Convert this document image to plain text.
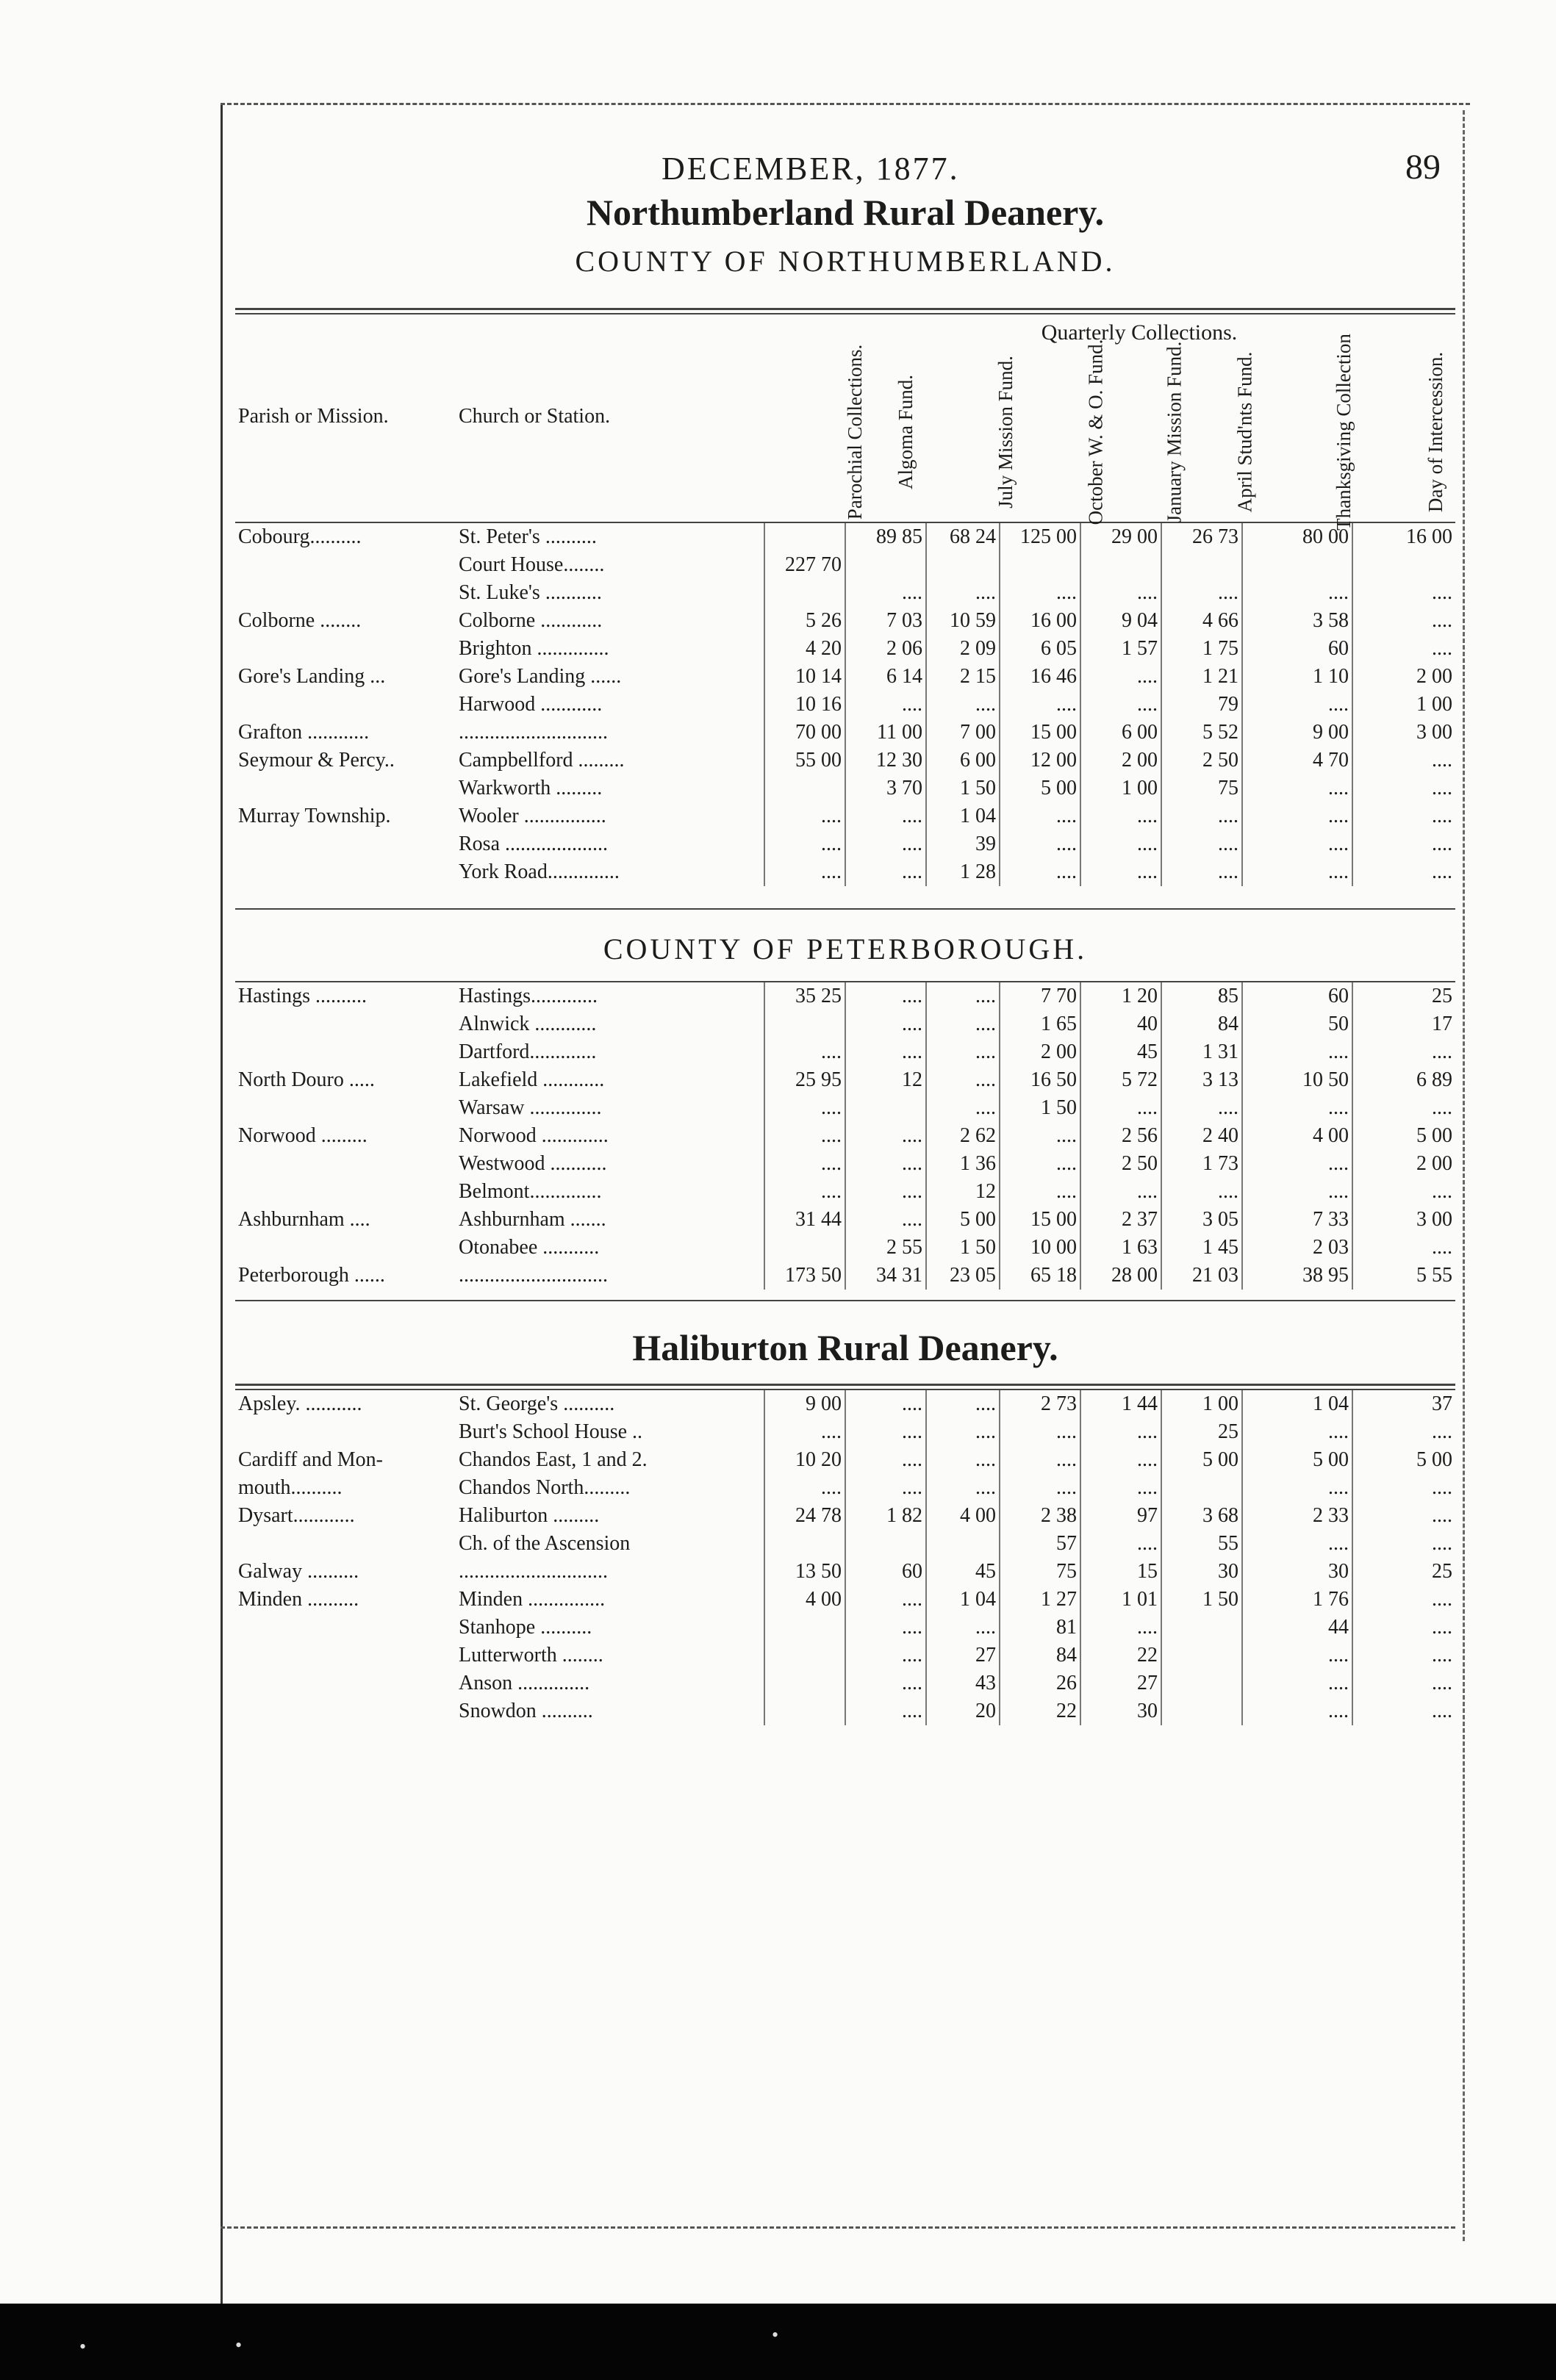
•	•	•
DECEMBER, 1877.	89
Northumberland Rural Deanery.
COUNTY OF NORTHUMBERLAND.
Parish or Mission.	Church or Station.			Quarterly Collections.					
		Parochial Collections.	Algoma Fund.	July Mission Fund.	October W. & O. Fund.	January Mission Fund.	April Stud'nts Fund.	Thanksgiving Collection	Day of Intercession.
Cobourg..........	St. Peter's ..........		89 85	68 24	125 00	29 00	26 73	80 00	16 00
	Court House........	227 70							
	St. Luke's ...........		....	....	....	....	....	....	....
Colborne ........	Colborne ............	5 26	7 03	10 59	16 00	9 04	4 66	3 58	....
	Brighton ..............	4 20	2 06	2 09	6 05	1 57	1 75	60	....
Gore's Landing ...	Gore's Landing ......	10 14	6 14	2 15	16 46	....	1 21	1 10	2 00
	Harwood ............	10 16	....	....	....	....	79	....	1 00
Grafton ............	.............................	70 00	11 00	7 00	15 00	6 00	5 52	9 00	3 00
Seymour & Percy..	Campbellford .........	55 00	12 30	6 00	12 00	2 00	2 50	4 70	....
	Warkworth .........		3 70	1 50	5 00	1 00	75	....	....
Murray Township.	Wooler ................	....	....	1 04	....	....	....	....	....
	Rosa ....................	....	....	39	....	....	....	....	....
	York Road..............	....	....	1 28	....	....	....	....	....
COUNTY OF PETERBOROUGH.
Hastings ..........	Hastings.............	35 25	....	....	7 70	1 20	85	60	25
	Alnwick ............		....	....	1 65	40	84	50	17
	Dartford.............	....	....	....	2 00	45	1 31	....	....
North Douro .....	Lakefield ............	25 95	12	....	16 50	5 72	3 13	10 50	6 89
	Warsaw ..............	....		....	1 50	....	....	....	....
Norwood .........	Norwood .............	....	....	2 62	....	2 56	2 40	4 00	5 00
	Westwood ...........	....	....	1 36	....	2 50	1 73	....	2 00
	Belmont..............	....	....	12	....	....	....	....	....
Ashburnham ....	Ashburnham .......	31 44	....	5 00	15 00	2 37	3 05	7 33	3 00
	Otonabee ...........		2 55	1 50	10 00	1 63	1 45	2 03	....
Peterborough ......	.............................	173 50	34 31	23 05	65 18	28 00	21 03	38 95	5 55
Haliburton Rural Deanery.
Apsley. ...........	St. George's ..........	9 00	....	....	2 73	1 44	1 00	1 04	37
	Burt's School House ..	....	....	....	....	....	25	....	....
Cardiff and Mon-	Chandos East, 1 and 2.	10 20	....	....	....	....	5 00	5 00	5 00
mouth..........	Chandos North.........	....	....	....	....	....		....	....
Dysart............	Haliburton .........	24 78	1 82	4 00	2 38	97	3 68	2 33	....
	Ch. of the Ascension				57	....	55	....	....
Galway ..........	.............................	13 50	60	45	75	15	30	30	25
Minden ..........	Minden ...............	4 00	....	1 04	1 27	1 01	1 50	1 76	....
	Stanhope ..........		....	....	81	....		44	....
	Lutterworth ........		....	27	84	22		....	....
	Anson ..............		....	43	26	27		....	....
	Snowdon ..........		....	20	22	30		....	....
